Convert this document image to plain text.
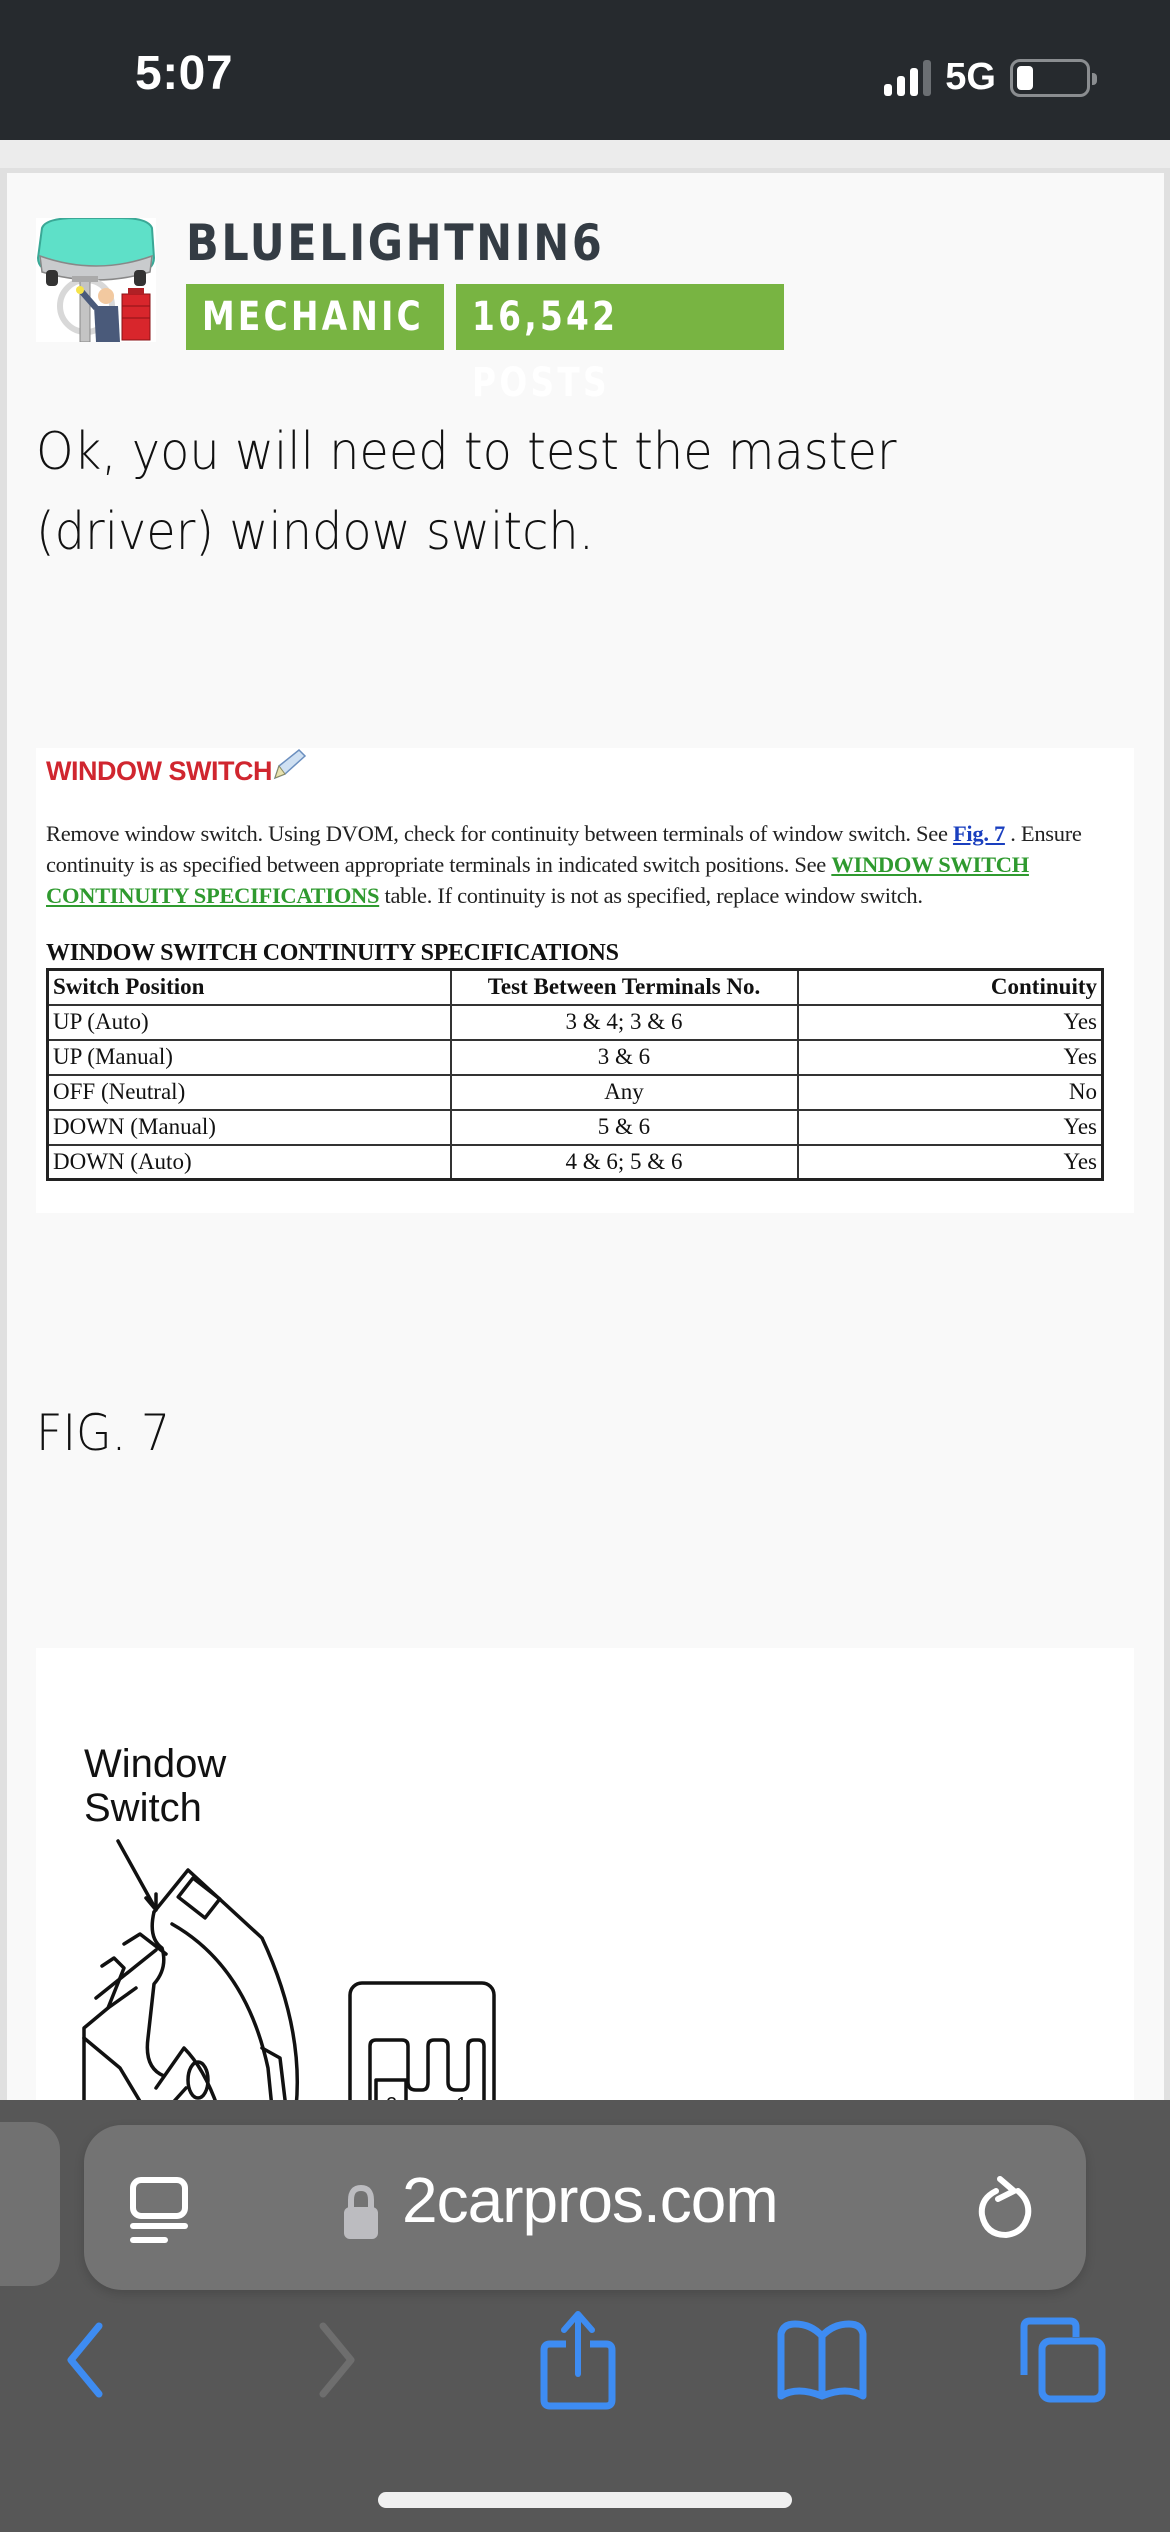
5:07	5G
BLUELIGHTNIN6
MECHANIC	16,542 POSTS
Ok, you will need to test the master (driver) window switch.
WINDOW SWITCH
Remove window switch. Using DVOM, check for continuity between terminals of window switch. See Fig. 7 . Ensure continuity is as specified between appropriate terminals in indicated switch positions. See WINDOW SWITCH CONTINUITY SPECIFICATIONS table. If continuity is not as specified, replace window switch.
WINDOW SWITCH CONTINUITY SPECIFICATIONS
Switch Position	Test Between Terminals No.	Continuity
UP (Auto)	3 & 4; 3 & 6	Yes
UP (Manual)	3 & 6	Yes
OFF (Neutral)	Any	No
DOWN (Manual)	5 & 6	Yes
DOWN (Auto)	4 & 6; 5 & 6	Yes
FIG. 7
Window
Switch
2carpros.com
